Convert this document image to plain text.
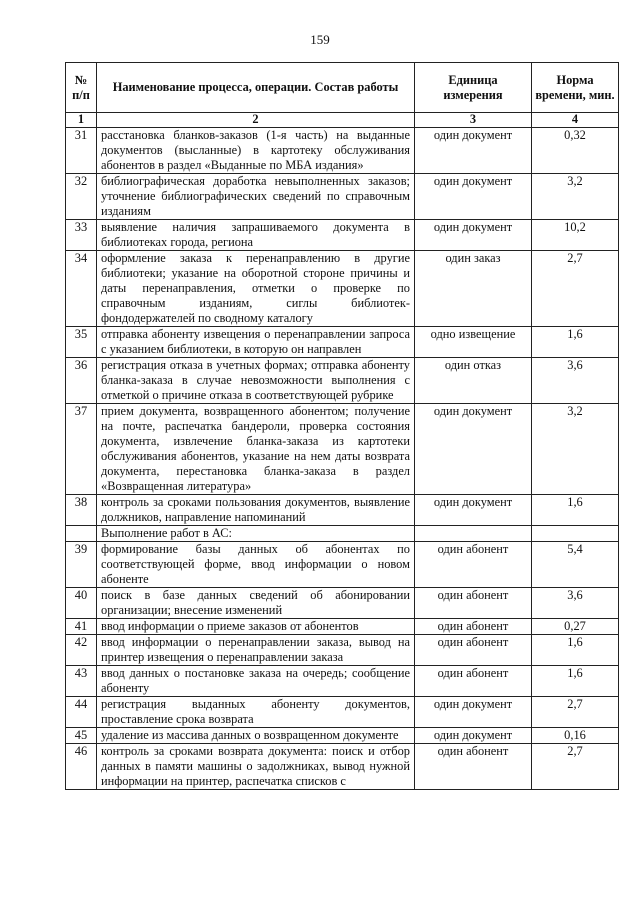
159
№ п/п	Наименование процесса, операции. Состав работы	Единица измерения	Норма времени, мин.
1	2	3	4
31	расстановка бланков-заказов (1-я часть) на выданные документов (высланные) в картотеку обслуживания абонентов в раздел «Выданные по МБА издания»	один документ	0,32
32	библиографическая доработка невыполненных заказов; уточнение библиографических сведений по справочным изданиям	один документ	3,2
33	выявление наличия запрашиваемого документа в библиотеках города, региона	один документ	10,2
34	оформление заказа к перенаправлению в другие библиотеки; указание на оборотной стороне причины и даты перенаправления, отметки о проверке по справочным изданиям, сиглы библиотек-фондодержателей по сводному каталогу	один заказ	2,7
35	отправка абоненту извещения о перенаправлении запроса с указанием библиотеки, в которую он направлен	одно извещение	1,6
36	регистрация отказа в учетных формах; отправка абоненту бланка-заказа в случае невозможности выполнения с отметкой о причине отказа в соответствующей рубрике	один отказ	3,6
37	прием документа, возвращенного абонентом; получение на почте, распечатка бандероли, проверка состояния документа, извлечение бланка-заказа из картотеки обслуживания абонентов, указание на нем даты возврата документа, перестановка бланка-заказа в раздел «Возвращенная литература»	один документ	3,2
38	контроль за сроками пользования документов, выявление должников, направление напоминаний	один документ	1,6
	Выполнение работ в АС:		
39	формирование базы данных об абонентах по соответствующей форме, ввод информации о новом абоненте	один абонент	5,4
40	поиск в базе данных сведений об абонировании организации; внесение изменений	один абонент	3,6
41	ввод информации о приеме заказов от абонентов	один абонент	0,27
42	ввод информации о перенаправлении заказа, вывод на принтер извещения о перенаправлении заказа	один абонент	1,6
43	ввод данных о постановке заказа на очередь; сообщение абоненту	один абонент	1,6
44	регистрация выданных абоненту документов, проставление срока возврата	один документ	2,7
45	удаление из массива данных о возвращенном документе	один документ	0,16
46	контроль за сроками возврата документа: поиск и отбор данных в памяти машины о задолжниках, вывод нужной информации на принтер, распечатка списков с	один абонент	2,7
